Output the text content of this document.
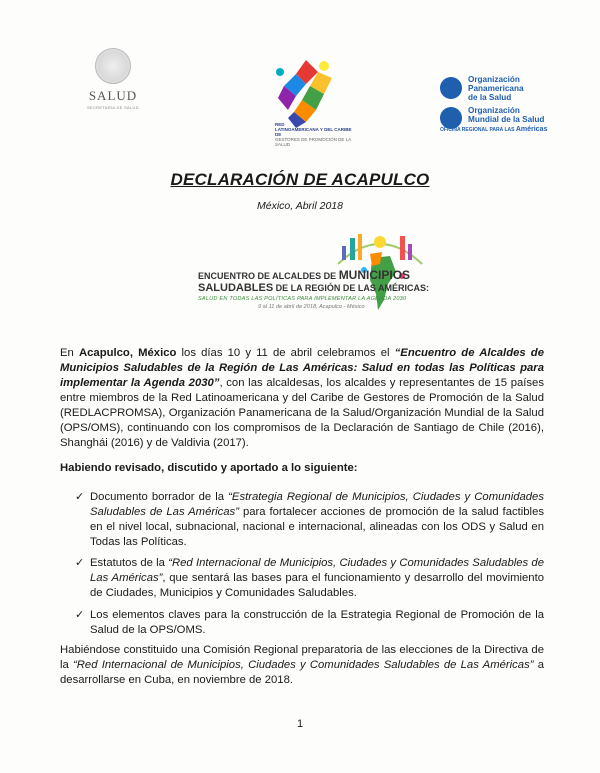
SALUD
SECRETARÍA DE SALUD
RED
LATINOAMERICANA Y DEL CARIBE DE
GESTORES DE PROMOCIÓN DE LA SALUD
Organización
Panamericana
de la Salud
Organización
Mundial de la Salud
OFICINA REGIONAL PARA LAS Américas
DECLARACIÓN DE ACAPULCO
México, Abril 2018
ENCUENTRO DE ALCALDES DE MUNICIPIOS
SALUDABLES DE LA REGIÓN DE LAS AMÉRICAS:
SALUD EN TODAS LAS POLÍTICAS PARA IMPLEMENTAR LA AGENDA 2030
9 al 11 de abril de 2018, Acapulco - México
En Acapulco, México los días 10 y 11 de abril celebramos el “Encuentro de Alcaldes de Municipios Saludables de la Región de Las Américas: Salud en todas las Políticas para implementar la Agenda 2030”, con las alcaldesas, los alcaldes y representantes de 15 países entre miembros de la Red Latinoamericana y del Caribe de Gestores de Promoción de la Salud (REDLACPROMSA), Organización Panamericana de la Salud/Organización Mundial de la Salud (OPS/OMS), continuando con los compromisos de la Declaración de Santiago de Chile (2016), Shanghái (2016) y de Valdivia (2017).
Habiendo revisado, discutido y aportado a lo siguiente:
✓ Documento borrador de la “Estrategia Regional de Municipios, Ciudades y Comunidades Saludables de Las Américas” para fortalecer acciones de promoción de la salud factibles en el nivel local, subnacional, nacional e internacional, alineadas con los ODS y Salud en Todas las Políticas.
✓ Estatutos de la “Red Internacional de Municipios, Ciudades y Comunidades Saludables de Las Américas”, que sentará las bases para el funcionamiento y desarrollo del movimiento de Ciudades, Municipios y Comunidades Saludables.
✓ Los elementos claves para la construcción de la Estrategia Regional de Promoción de la Salud de la OPS/OMS.
Habiéndose constituido una Comisión Regional preparatoria de las elecciones de la Directiva de la “Red Internacional de Municipios, Ciudades y Comunidades Saludables de Las Américas” a desarrollarse en Cuba, en noviembre de 2018.
1
